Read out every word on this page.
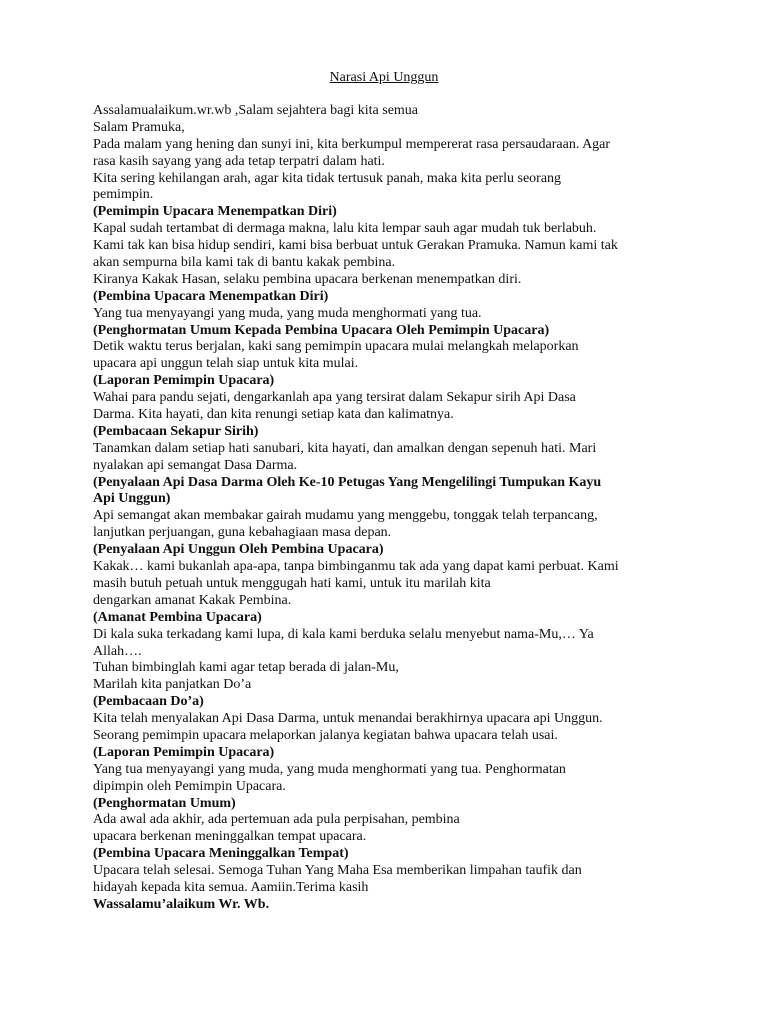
Narasi Api Unggun
Assalamualaikum.wr.wb ,Salam sejahtera bagi kita semua
Salam Pramuka,
Pada malam yang hening dan sunyi ini, kita berkumpul mempererat rasa persaudaraan. Agar
rasa kasih sayang yang ada tetap terpatri dalam hati.
Kita sering kehilangan arah, agar kita tidak tertusuk panah, maka kita perlu seorang
pemimpin.
(Pemimpin Upacara Menempatkan Diri)
Kapal sudah tertambat di dermaga makna, lalu kita lempar sauh agar mudah tuk berlabuh.
Kami tak kan bisa hidup sendiri, kami bisa berbuat untuk Gerakan Pramuka. Namun kami tak
akan sempurna bila kami tak di bantu kakak pembina.
Kiranya Kakak Hasan, selaku pembina upacara berkenan menempatkan diri.
(Pembina Upacara Menempatkan Diri)
Yang tua menyayangi yang muda, yang muda menghormati yang tua.
(Penghormatan Umum Kepada Pembina Upacara Oleh Pemimpin Upacara)
Detik waktu terus berjalan, kaki sang pemimpin upacara mulai melangkah melaporkan
upacara api unggun telah siap untuk kita mulai.
(Laporan Pemimpin Upacara)
Wahai para pandu sejati, dengarkanlah apa yang tersirat dalam Sekapur sirih Api Dasa
Darma. Kita hayati, dan kita renungi setiap kata dan kalimatnya.
(Pembacaan Sekapur Sirih)
Tanamkan dalam setiap hati sanubari, kita hayati, dan amalkan dengan sepenuh hati. Mari
nyalakan api semangat Dasa Darma.
(Penyalaan Api Dasa Darma Oleh Ke-10 Petugas Yang Mengelilingi Tumpukan Kayu
Api Unggun)
Api semangat akan membakar gairah mudamu yang menggebu, tonggak telah terpancang,
lanjutkan perjuangan, guna kebahagiaan masa depan.
(Penyalaan Api Unggun Oleh Pembina Upacara)
Kakak… kami bukanlah apa-apa, tanpa bimbinganmu tak ada yang dapat kami perbuat. Kami
masih butuh petuah untuk menggugah hati kami, untuk itu marilah kita
dengarkan amanat Kakak Pembina.
(Amanat Pembina Upacara)
Di kala suka terkadang kami lupa, di kala kami berduka selalu menyebut nama-Mu,… Ya
Allah….
Tuhan bimbinglah kami agar tetap berada di jalan-Mu,
Marilah kita panjatkan Do’a
(Pembacaan Do’a)
Kita telah menyalakan Api Dasa Darma, untuk menandai berakhirnya upacara api Unggun.
Seorang pemimpin upacara melaporkan jalanya kegiatan bahwa upacara telah usai.
(Laporan Pemimpin Upacara)
Yang tua menyayangi yang muda, yang muda menghormati yang tua. Penghormatan
dipimpin oleh Pemimpin Upacara.
(Penghormatan Umum)
Ada awal ada akhir, ada pertemuan ada pula perpisahan, pembina
upacara berkenan meninggalkan tempat upacara.
(Pembina Upacara Meninggalkan Tempat)
Upacara telah selesai. Semoga Tuhan Yang Maha Esa memberikan limpahan taufik dan
hidayah kepada kita semua. Aamiin.Terima kasih
Wassalamu’alaikum Wr. Wb.
